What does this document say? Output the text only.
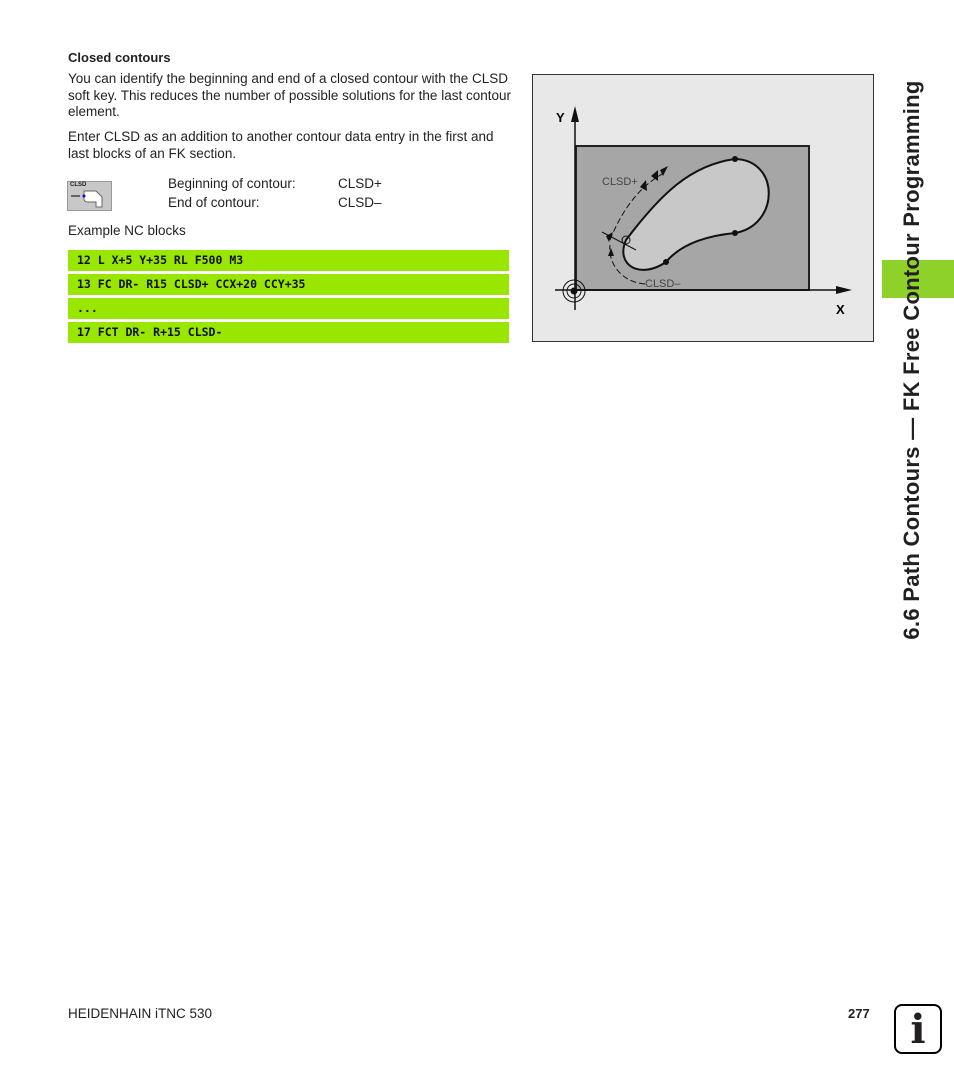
Closed contours
You can identify the beginning and end of a closed contour with the CLSD soft key. This reduces the number of possible solutions for the last contour element.
Enter CLSD as an addition to another contour data entry in the first and last blocks of an FK section.
CLSD	Beginning of contour:	CLSD+
End of contour:	CLSD–
Example NC blocks
12 L X+5 Y+35 RL F500 M3
13 FC DR- R15 CLSD+ CCX+20 CCY+35
...
17 FCT DR- R+15 CLSD-
Y
X
CLSD+
CLSD–	6.6 Path Contours — FK Free Contour Programming
HEIDENHAIN iTNC 530	277	i
